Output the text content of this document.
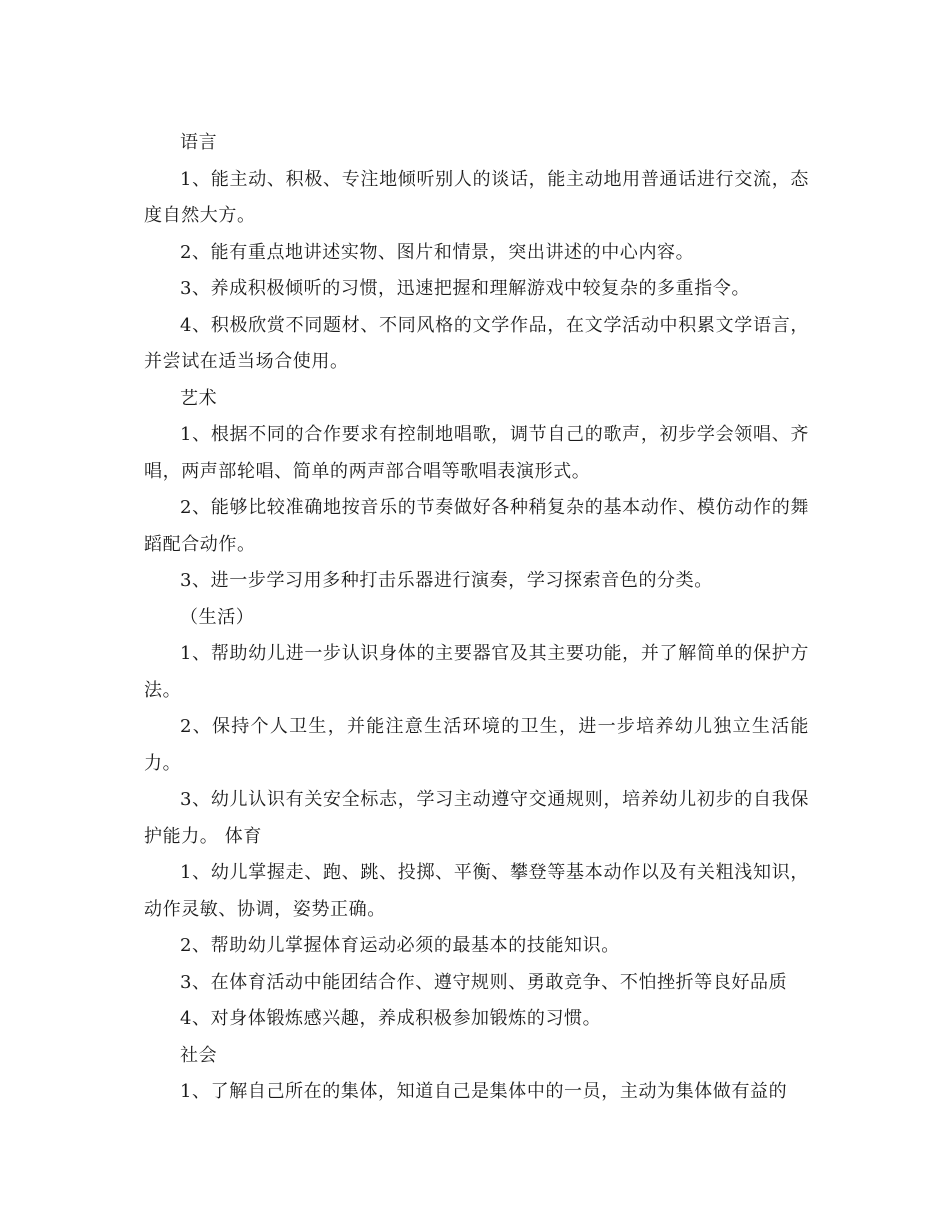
语言

1、能主动、积极、专注地倾听别人的谈话，能主动地用普通话进行交流，态度自然大方。

2、能有重点地讲述实物、图片和情景，突出讲述的中心内容。

3、养成积极倾听的习惯，迅速把握和理解游戏中较复杂的多重指令。

4、积极欣赏不同题材、不同风格的文学作品，在文学活动中积累文学语言，并尝试在适当场合使用。

艺术

1、根据不同的合作要求有控制地唱歌，调节自己的歌声，初步学会领唱、齐唱，两声部轮唱、简单的两声部合唱等歌唱表演形式。

2、能够比较准确地按音乐的节奏做好各种稍复杂的基本动作、模仿动作的舞蹈配合动作。

3、进一步学习用多种打击乐器进行演奏，学习探索音色的分类。

（生活）

1、帮助幼儿进一步认识身体的主要器官及其主要功能，并了解简单的保护方法。

2、保持个人卫生，并能注意生活环境的卫生，进一步培养幼儿独立生活能力。

3、幼儿认识有关安全标志，学习主动遵守交通规则，培养幼儿初步的自我保护能力。 体育

1、幼儿掌握走、跑、跳、投掷、平衡、攀登等基本动作以及有关粗浅知识，动作灵敏、协调，姿势正确。

2、帮助幼儿掌握体育运动必须的最基本的技能知识。

3、在体育活动中能团结合作、遵守规则、勇敢竞争、不怕挫折等良好品质

4、对身体锻炼感兴趣，养成积极参加锻炼的习惯。

社会

1、了解自己所在的集体，知道自己是集体中的一员，主动为集体做有益的
